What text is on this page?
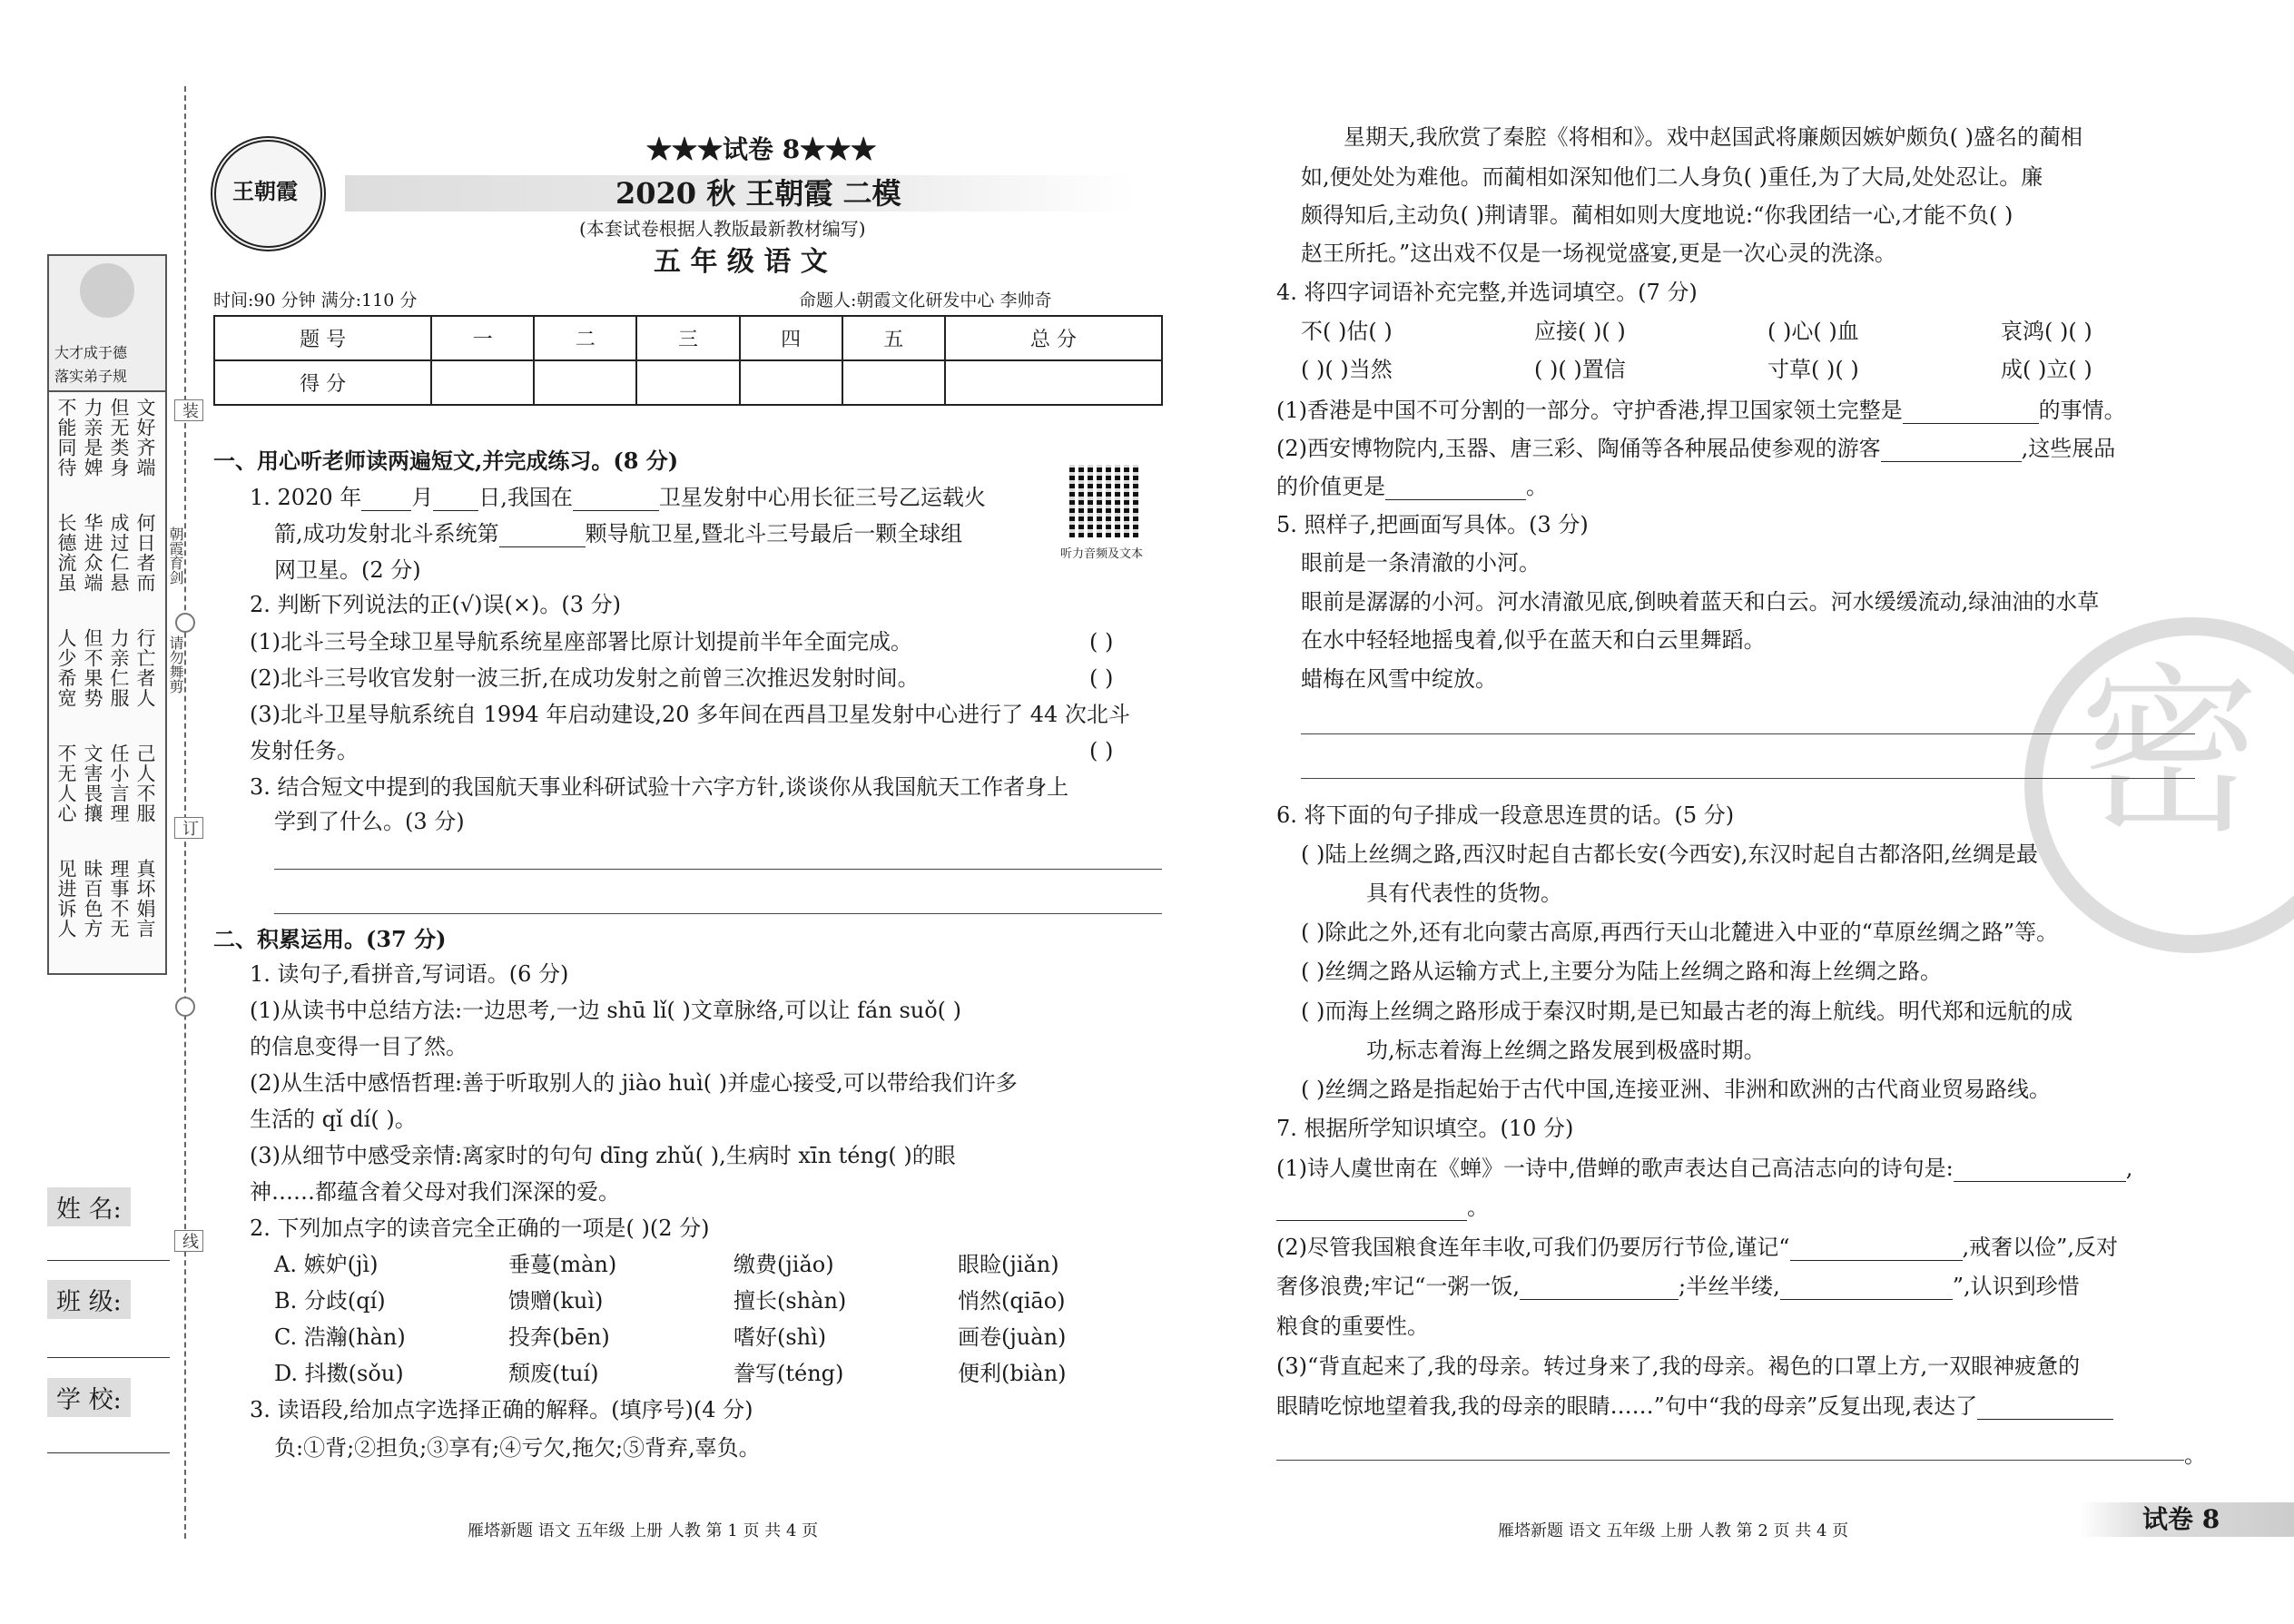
大才成于德
落实弟子规
不能同待 力亲是婢 但无类身 文好齐端
长德流虽 华进众端 成过仁悬 何日者而
人少希宽 但不果势 力亲仁服 行亡者人
不无人心 文害畏攘 任小言理 己人不服
见进诉人 昧百色方 理事不无 真坏娟言
装
订
线
朝霞育剑
请勿舞剪
姓 名:
班 级:
学 校:
王朝霞
★★★试卷 8★★★
2020 秋 王朝霞 二模
(本套试卷根据人教版最新教材编写)
五 年 级 语 文
时间:90 分钟 满分:110 分	命题人:朝霞文化研发中心 李帅奇
题 号	一	二	三	四	五	总 分
得 分						
一、用心听老师读两遍短文,并完成练习。(8 分)
1. 2020 年 月 日,我国在	卫星发射中心用长征三号乙运载火
箭,成功发射北斗系统第	颗导航卫星,暨北斗三号最后一颗全球组
网卫星。(2 分)
听力音频及文本
2. 判断下列说法的正(√)误(×)。(3 分)
(1)北斗三号全球卫星导航系统星座部署比原计划提前半年全面完成。	( )
(2)北斗三号收官发射一波三折,在成功发射之前曾三次推迟发射时间。	( )
(3)北斗卫星导航系统自 1994 年启动建设,20 多年间在西昌卫星发射中心进行了 44 次北斗
发射任务。	( )
3. 结合短文中提到的我国航天事业科研试验十六字方针,谈谈你从我国航天工作者身上
学到了什么。(3 分)
二、积累运用。(37 分)
1. 读句子,看拼音,写词语。(6 分)
(1)从读书中总结方法:一边思考,一边 shū lǐ( )文章脉络,可以让 fán suǒ( )
的信息变得一目了然。
(2)从生活中感悟哲理:善于听取别人的 jiào huì( )并虚心接受,可以带给我们许多
生活的 qǐ dí( )。
(3)从细节中感受亲情:离家时的句句 dīng zhǔ( ),生病时 xīn téng( )的眼
神……都蕴含着父母对我们深深的爱。
2. 下列加点字的读音完全正确的一项是( )(2 分)
A. 嫉妒(jì)	垂蔓(màn)	缴费(jiǎo)	眼睑(jiǎn)
B. 分歧(qí)	馈赠(kuì)	擅长(shàn)	悄然(qiāo)
C. 浩瀚(hàn)	投奔(bēn)	嗜好(shì)	画卷(juàn)
D. 抖擞(sǒu)	颓废(tuí)	誊写(téng)	便利(biàn)
3. 读语段,给加点字选择正确的解释。(填序号)(4 分)
负:①背;②担负;③享有;④亏欠,拖欠;⑤背弃,辜负。
雁塔新题 语文 五年级 上册 人教 第 1 页 共 4 页
密
星期天,我欣赏了秦腔《将相和》。戏中赵国武将廉颇因嫉妒颇负( )盛名的蔺相
如,便处处为难他。而蔺相如深知他们二人身负( )重任,为了大局,处处忍让。廉
颇得知后,主动负( )荆请罪。蔺相如则大度地说:“你我团结一心,才能不负( )
赵王所托。”这出戏不仅是一场视觉盛宴,更是一次心灵的洗涤。
4. 将四字词语补充完整,并选词填空。(7 分)
不( )估( )	应接( )( )	( )心( )血	哀鸿( )( )
( )( )当然	( )( )置信	寸草( )( )	成( )立( )
(1)香港是中国不可分割的一部分。守护香港,捍卫国家领土完整是	的事情。
(2)西安博物院内,玉器、唐三彩、陶俑等各种展品使参观的游客	,这些展品
的价值更是	。
5. 照样子,把画面写具体。(3 分)
眼前是一条清澈的小河。
眼前是潺潺的小河。河水清澈见底,倒映着蓝天和白云。河水缓缓流动,绿油油的水草
在水中轻轻地摇曳着,似乎在蓝天和白云里舞蹈。
蜡梅在风雪中绽放。
6. 将下面的句子排成一段意思连贯的话。(5 分)
( )陆上丝绸之路,西汉时起自古都长安(今西安),东汉时起自古都洛阳,丝绸是最
具有代表性的货物。
( )除此之外,还有北向蒙古高原,再西行天山北麓进入中亚的“草原丝绸之路”等。
( )丝绸之路从运输方式上,主要分为陆上丝绸之路和海上丝绸之路。
( )而海上丝绸之路形成于秦汉时期,是已知最古老的海上航线。明代郑和远航的成
功,标志着海上丝绸之路发展到极盛时期。
( )丝绸之路是指起始于古代中国,连接亚洲、非洲和欧洲的古代商业贸易路线。
7. 根据所学知识填空。(10 分)
(1)诗人虞世南在《蝉》一诗中,借蝉的歌声表达自己高洁志向的诗句是:	,
。
(2)尽管我国粮食连年丰收,可我们仍要厉行节俭,谨记“	,戒奢以俭”,反对
奢侈浪费;牢记“一粥一饭,	;半丝半缕,	”,认识到珍惜
粮食的重要性。
(3)“背直起来了,我的母亲。转过身来了,我的母亲。褐色的口罩上方,一双眼神疲惫的
眼睛吃惊地望着我,我的母亲的眼睛……”句中“我的母亲”反复出现,表达了
。
雁塔新题 语文 五年级 上册 人教 第 2 页 共 4 页	试卷 8
